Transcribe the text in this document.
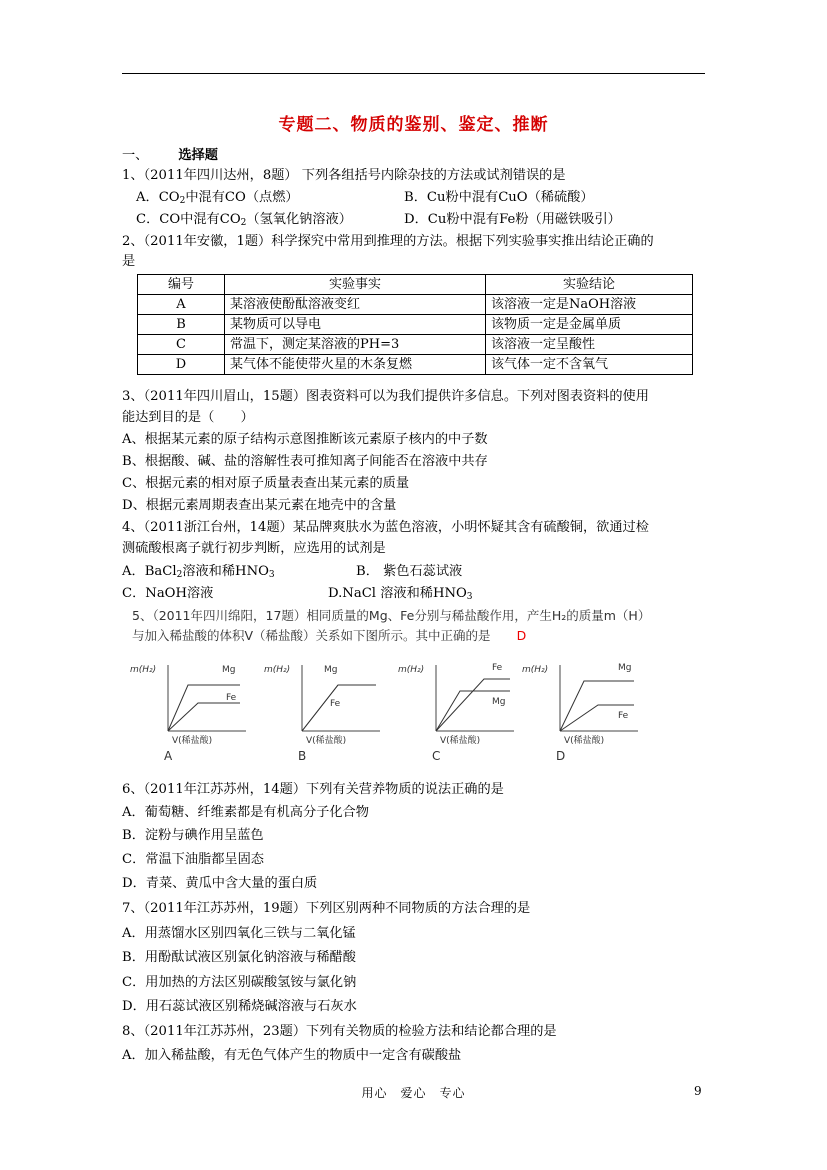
专题二、物质的鉴别、鉴定、推断
一、 选择题
1、（2011年四川达州，8题） 下列各组括号内除杂技的方法或试剂错误的是
A．$CO_2$中混有CO（点燃）	B．Cu粉中混有CuO（稀硫酸）
C．CO中混有$CO_2$（氢氧化钠溶液）	D．Cu粉中混有Fe粉（用磁铁吸引）
2、（2011年安徽，1题）科学探究中常用到推理的方法。根据下列实验事实推出结论正确的
是
编号	实验事实	实验结论
A	某溶液使酚酞溶液变红	该溶液一定是NaOH溶液
B	某物质可以导电	该物质一定是金属单质
C	常温下，测定某溶液的PH=3	该溶液一定呈酸性
D	某气体不能使带火星的木条复燃	该气体一定不含氧气
3、（2011年四川眉山，15题）图表资料可以为我们提供许多信息。下列对图表资料的使用
能达到目的是（　　）
A、根据某元素的原子结构示意图推断该元素原子核内的中子数
B、根据酸、碱、盐的溶解性表可推知离子间能否在溶液中共存
C、根据元素的相对原子质量表查出某元素的质量
D、根据元素周期表查出某元素在地壳中的含量
4、（2011浙江台州，14题）某品牌爽肤水为蓝色溶液，小明怀疑其含有硫酸铜，欲通过检
测硫酸根离子就行初步判断，应选用的试剂是
A．BaCl$_2$溶液和稀$HNO_3$	B． 紫色石蕊试液
C．NaOH溶液	D.NaCl 溶液和稀$HNO_3$
5、（2011年四川绵阳，17题）相同质量的Mg、Fe分别与稀盐酸作用，产生H₂的质量m（H）
与加入稀盐酸的体积V（稀盐酸）关系如下图所示。其中正确的是 D
m(H₂)	Mg
Fe
V(稀盐酸)
A
m(H₂)	Mg
Fe
V(稀盐酸)
B
m(H₂)	Fe
Mg
V(稀盐酸)
C
m(H₂)	Mg
Fe
V(稀盐酸)
D
6、（2011年江苏苏州，14题）下列有关营养物质的说法正确的是
A．葡萄糖、纤维素都是有机高分子化合物
B．淀粉与碘作用呈蓝色
C．常温下油脂都呈固态
D．青菜、黄瓜中含大量的蛋白质
7、（2011年江苏苏州，19题）下列区别两种不同物质的方法合理的是
A．用蒸馏水区别四氧化三铁与二氧化锰
B．用酚酞试液区别氯化钠溶液与稀醋酸
C．用加热的方法区别碳酸氢铵与氯化钠
D．用石蕊试液区别稀烧碱溶液与石灰水
8、（2011年江苏苏州，23题）下列有关物质的检验方法和结论都合理的是
A．加入稀盐酸，有无色气体产生的物质中一定含有碳酸盐
用心　爱心　专心	9
